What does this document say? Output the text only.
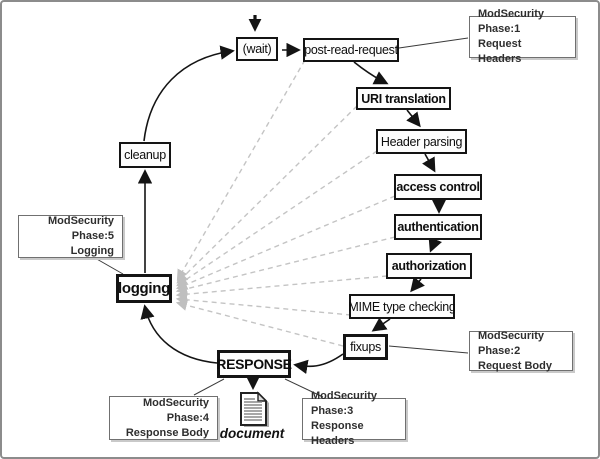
(wait)	post-read-request
URI translation
Header parsing
access control
authentication
authorization
MIME type checking
fixups
RESPONSE
logging
cleanup
ModSecurity Phase:1
Request Headers
ModSecurity Phase:2
Request Body
ModSecurity Phase:3
Response Headers
ModSecurity Phase:4
Response Body
ModSecurity Phase:5
Logging
document
